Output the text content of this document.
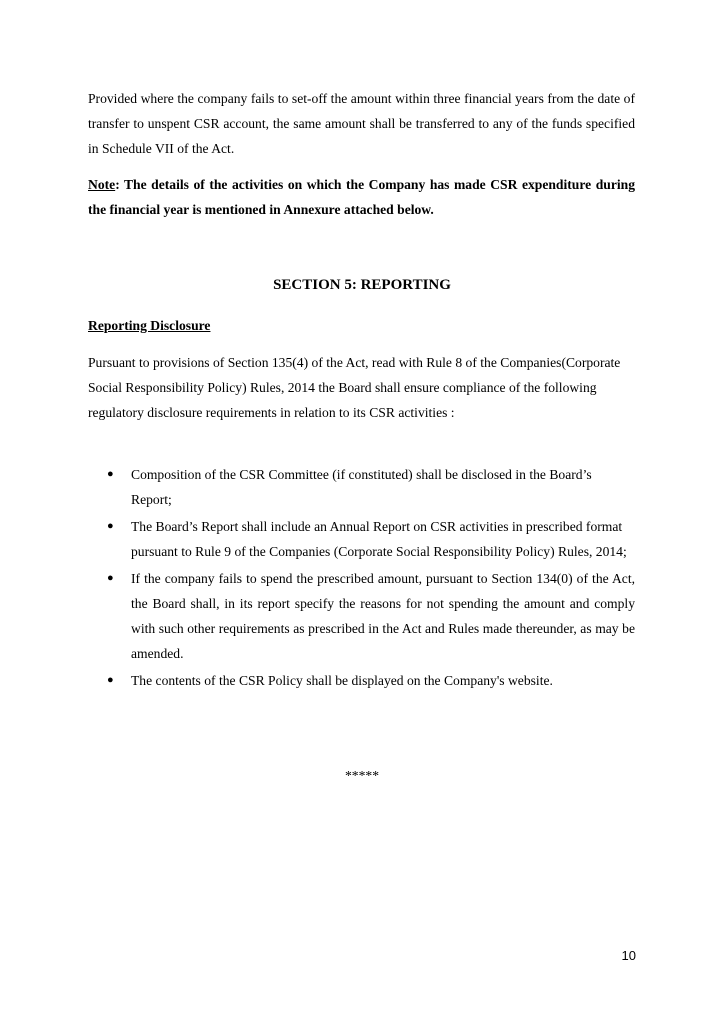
Provided where the company fails to set-off the amount within three financial years from the date of transfer to unspent CSR account, the same amount shall be transferred to any of the funds specified in Schedule VII of the Act.

Note: The details of the activities on which the Company has made CSR expenditure during the financial year is mentioned in Annexure attached below.

SECTION 5: REPORTING

Reporting Disclosure

Pursuant to provisions of Section 135(4) of the Act, read with Rule 8 of the Companies(Corporate Social Responsibility Policy) Rules, 2014 the Board shall ensure compliance of the following regulatory disclosure requirements in relation to its CSR activities :

● Composition of the CSR Committee (if constituted) shall be disclosed in the Board’s Report;
● The Board’s Report shall include an Annual Report on CSR activities in prescribed format pursuant to Rule 9 of the Companies (Corporate Social Responsibility Policy) Rules, 2014;
● If the company fails to spend the prescribed amount, pursuant to Section 134(0) of the Act, the Board shall, in its report specify the reasons for not spending the amount and comply with such other requirements as prescribed in the Act and Rules made thereunder, as may be amended.
● The contents of the CSR Policy shall be displayed on the Company's website.

*****

10
